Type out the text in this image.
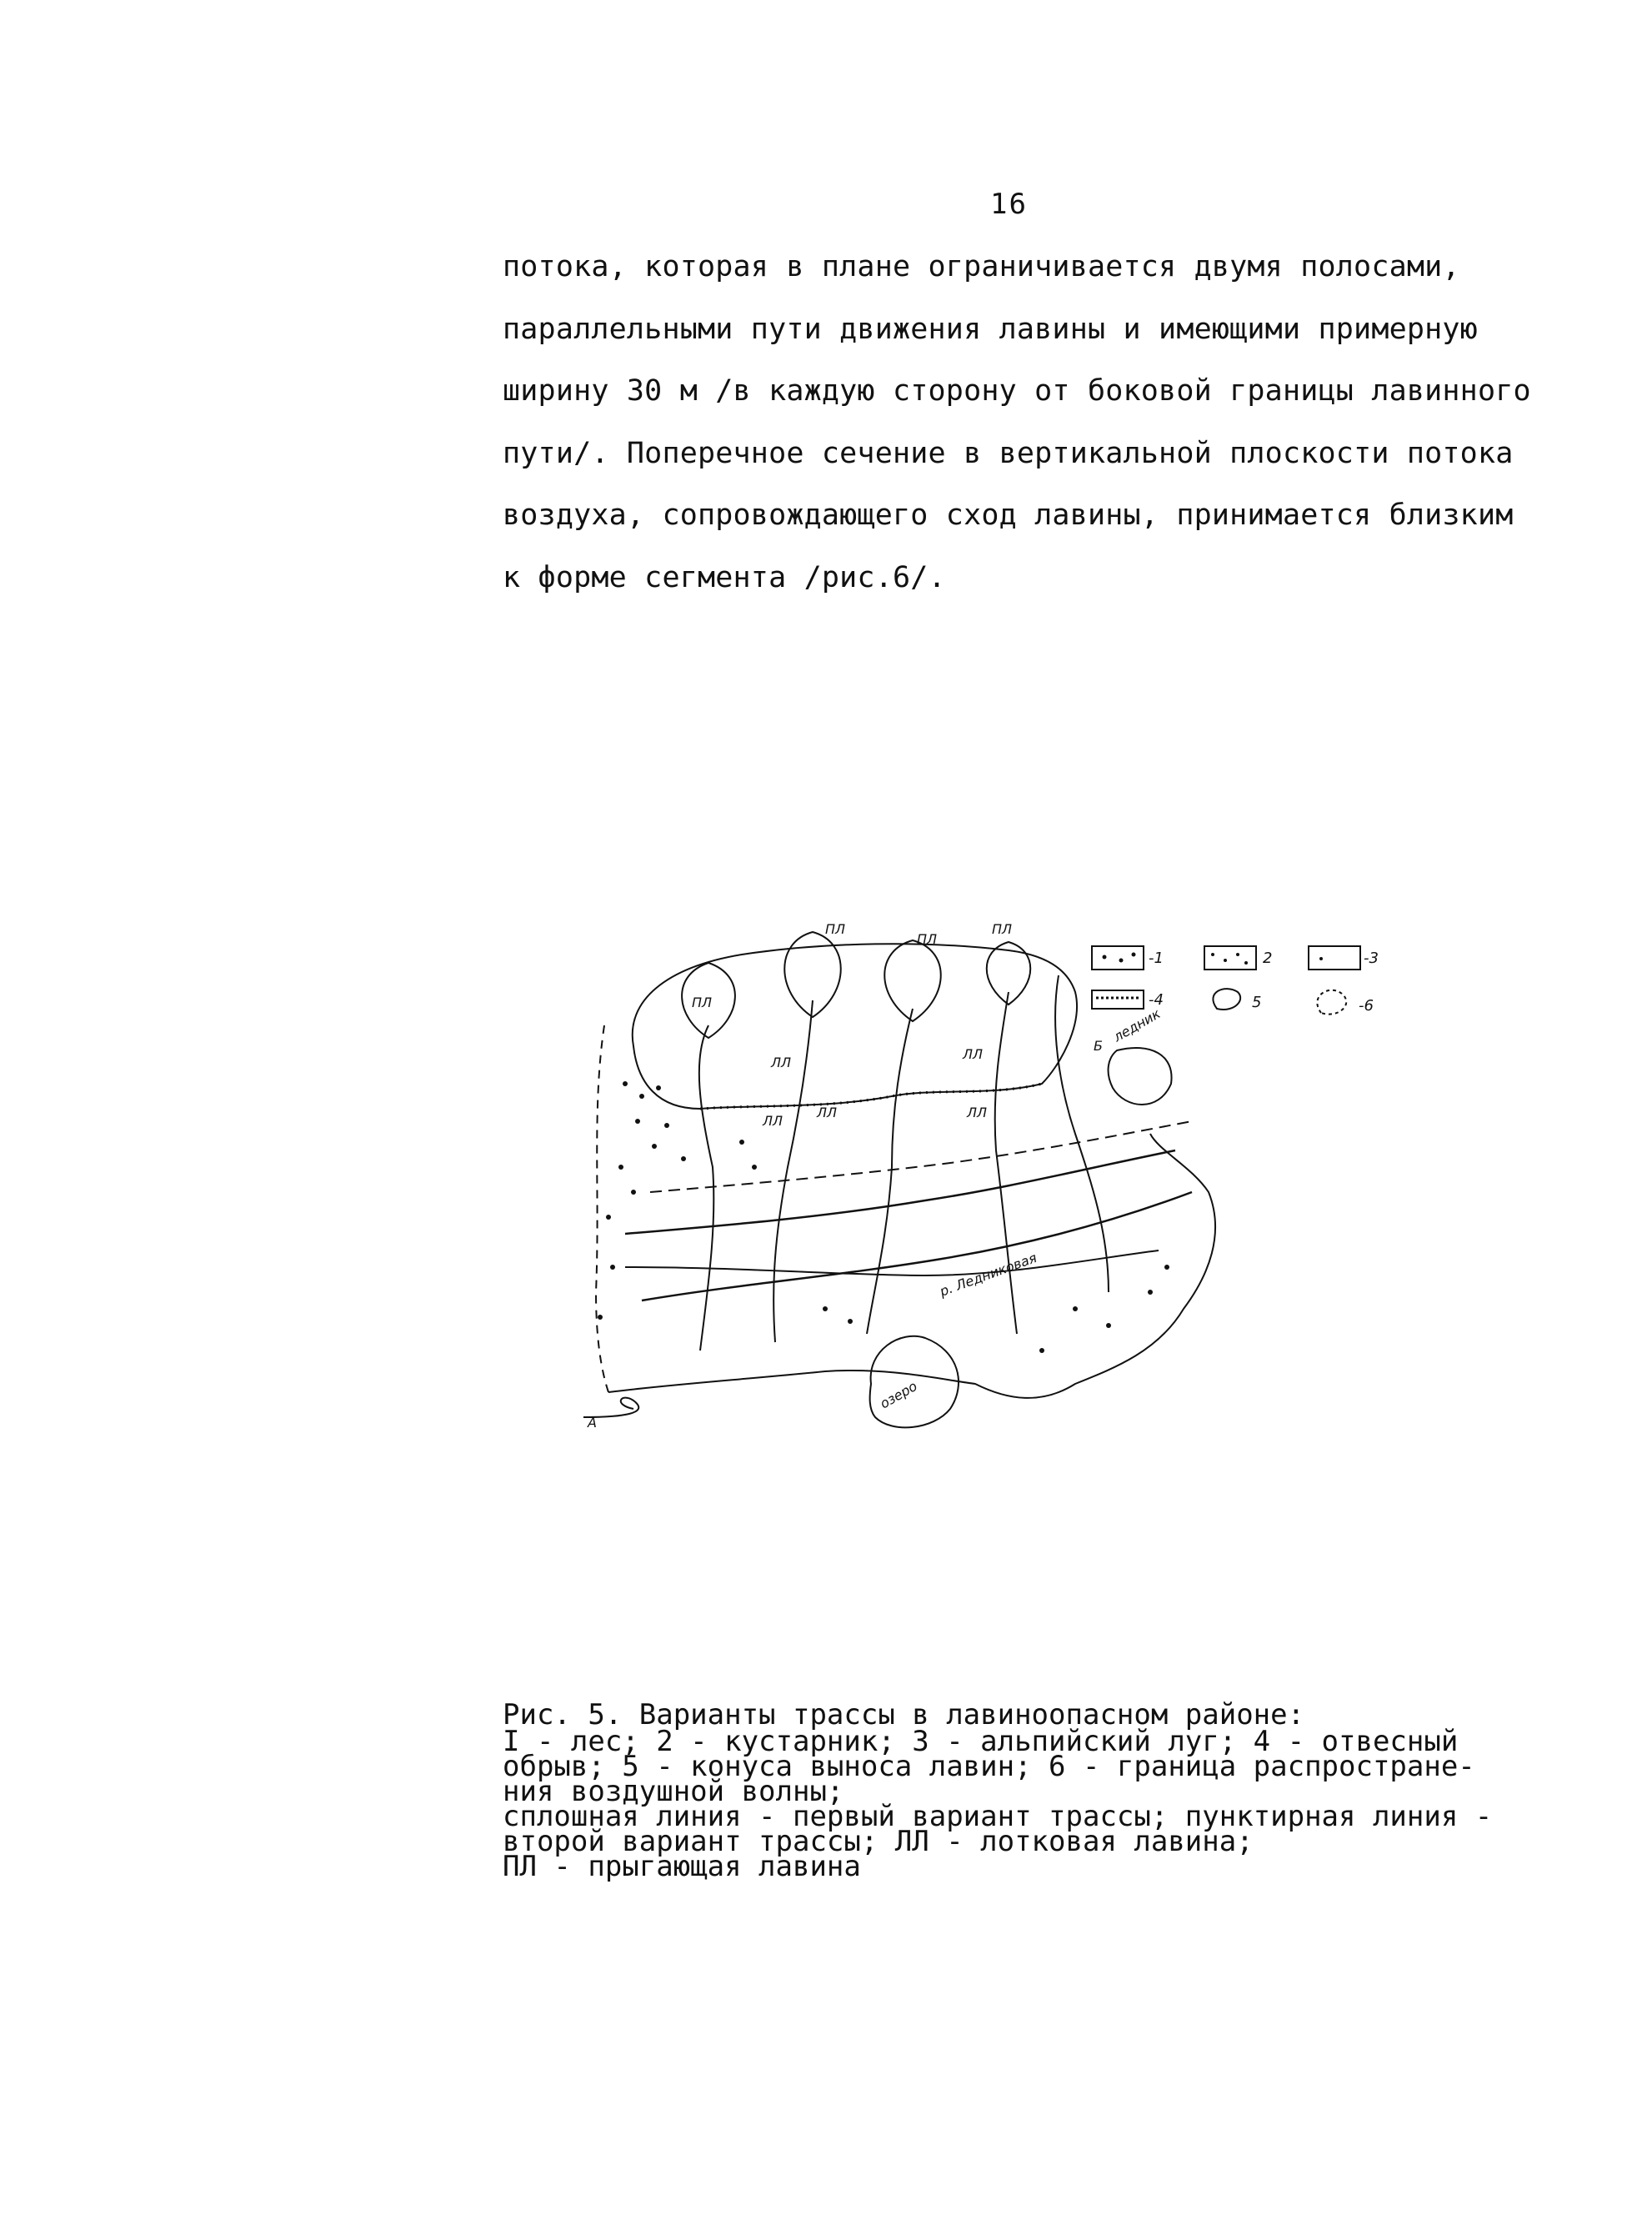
16
потока, которая в плане ограничивается двумя полосами,
параллельными пути движения лавины и имеющими примерную
ширину 30 м /в каждую сторону от боковой границы лавинного
пути/. Поперечное сечение в вертикальной плоскости потока
воздуха, сопровождающего сход лавины, принимается близким
к форме сегмента /рис.6/.
ПЛ
ПЛ
ПЛ
ПЛ
ЛЛ
ЛЛ
ЛЛ
ЛЛ
ЛЛ
озеро
ледник
р. Ледниковая
А
Б
-1	2	-3
-4	5	-6
Рис. 5. Варианты трассы в лавиноопасном районе:
I - лес; 2 - кустарник; 3 - альпийский луг; 4 - отвесный
обрыв; 5 - конуса выноса лавин; 6 - граница распростране-
ния воздушной волны;
сплошная линия - первый вариант трассы; пунктирная линия -
второй вариант трассы; ЛЛ - лотковая лавина;
ПЛ - прыгающая лавина
